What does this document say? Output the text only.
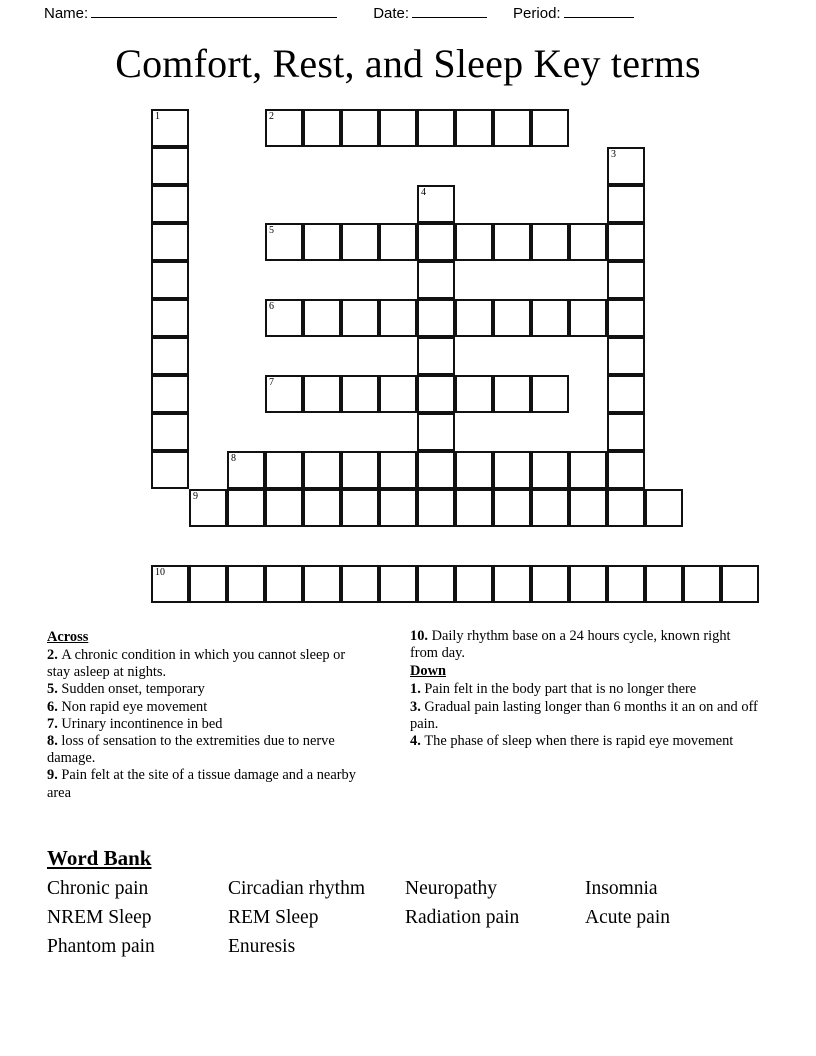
Name:	Date:	Period:
Comfort, Rest, and Sleep Key terms
1	2
3
4
5
6
7
8
9
10
Across
2. A chronic condition in which you cannot sleep or stay asleep at nights.
5. Sudden onset, temporary
6. Non rapid eye movement
7. Urinary incontinence in bed
8. loss of sensation to the extremities due to nerve damage.
9. Pain felt at the site of a tissue damage and a nearby area
10. Daily rhythm base on a 24 hours cycle, known right from day.
Down
1. Pain felt in the body part that is no longer there
3. Gradual pain lasting longer than 6 months it an on and off pain.
4. The phase of sleep when there is rapid eye movement
Word Bank
Chronic pain	Circadian rhythm	Neuropathy	Insomnia
NREM Sleep	REM Sleep	Radiation pain	Acute pain
Phantom pain	Enuresis		
